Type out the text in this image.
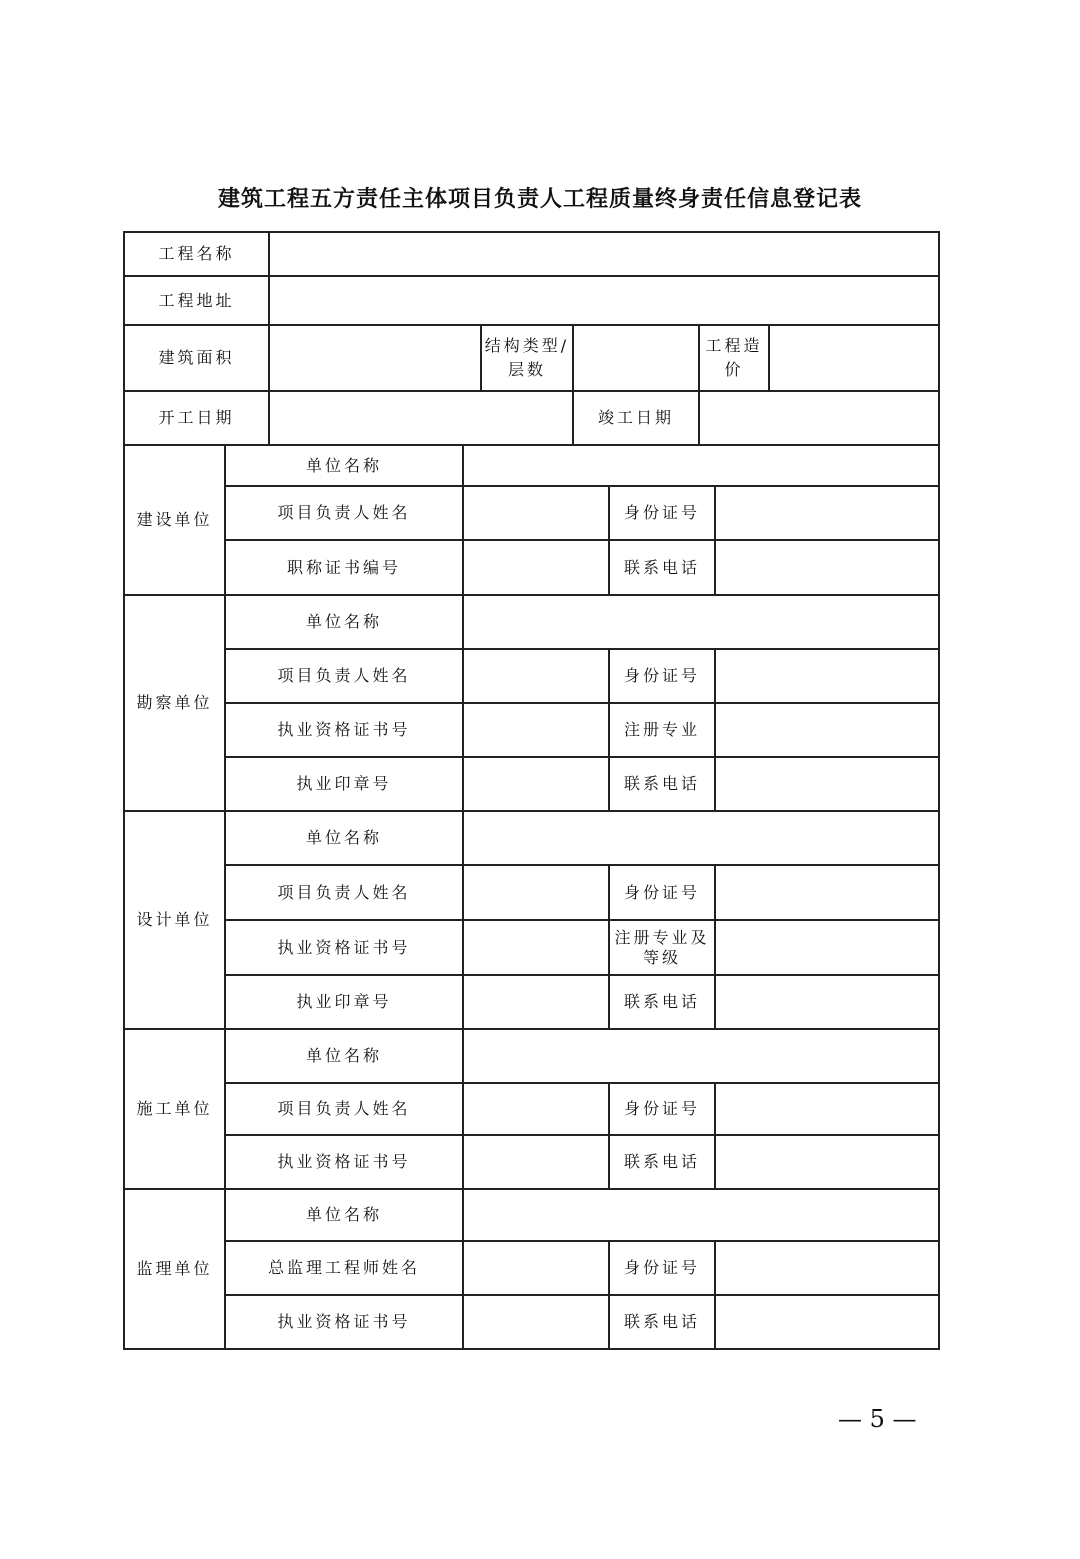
建筑工程五方责任主体项目负责人工程质量终身责任信息登记表
工程名称					
工程地址					
建筑面积		结构类型/层数		工程造价	
开工日期			竣工日期		
建设单位	单位名称			
	项目负责人姓名		身份证号	
	职称证书编号		联系电话	
勘察单位	单位名称			
	项目负责人姓名		身份证号	
	执业资格证书号		注册专业	
	执业印章号		联系电话	
设计单位	单位名称			
	项目负责人姓名		身份证号	
	执业资格证书号		注册专业及等级	
	执业印章号		联系电话	
施工单位	单位名称			
	项目负责人姓名		身份证号	
	执业资格证书号		联系电话	
监理单位	单位名称			
	总监理工程师姓名		身份证号	
	执业资格证书号		联系电话	
— 5 —
